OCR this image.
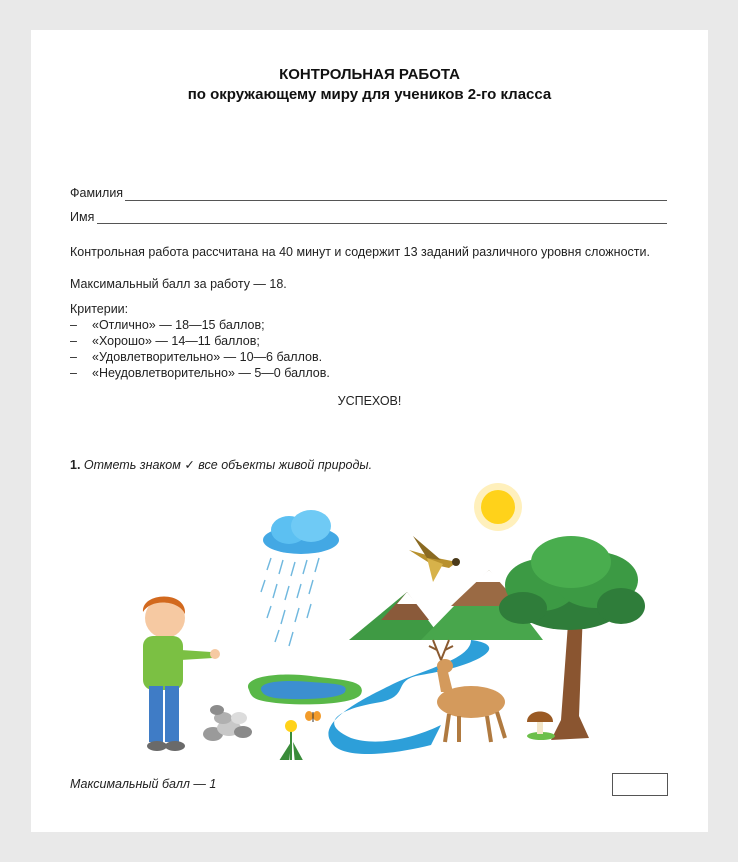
КОНТРОЛЬНАЯ РАБОТА
по окружающему миру для учеников 2-го класса
Фамилия
Имя
Контрольная работа рассчитана на 40 минут и содержит 13 заданий различного уровня сложности.
Максимальный балл за работу — 18.
Критерии:
– «Отлично» — 18—15 баллов;
– «Хорошо» — 14—11 баллов;
– «Удовлетворительно» — 10—6 баллов.
– «Неудовлетворительно» — 5—0 баллов.
УСПЕХОВ!
1. Отметь знаком ✓ все объекты живой природы.
Максимальный балл — 1
